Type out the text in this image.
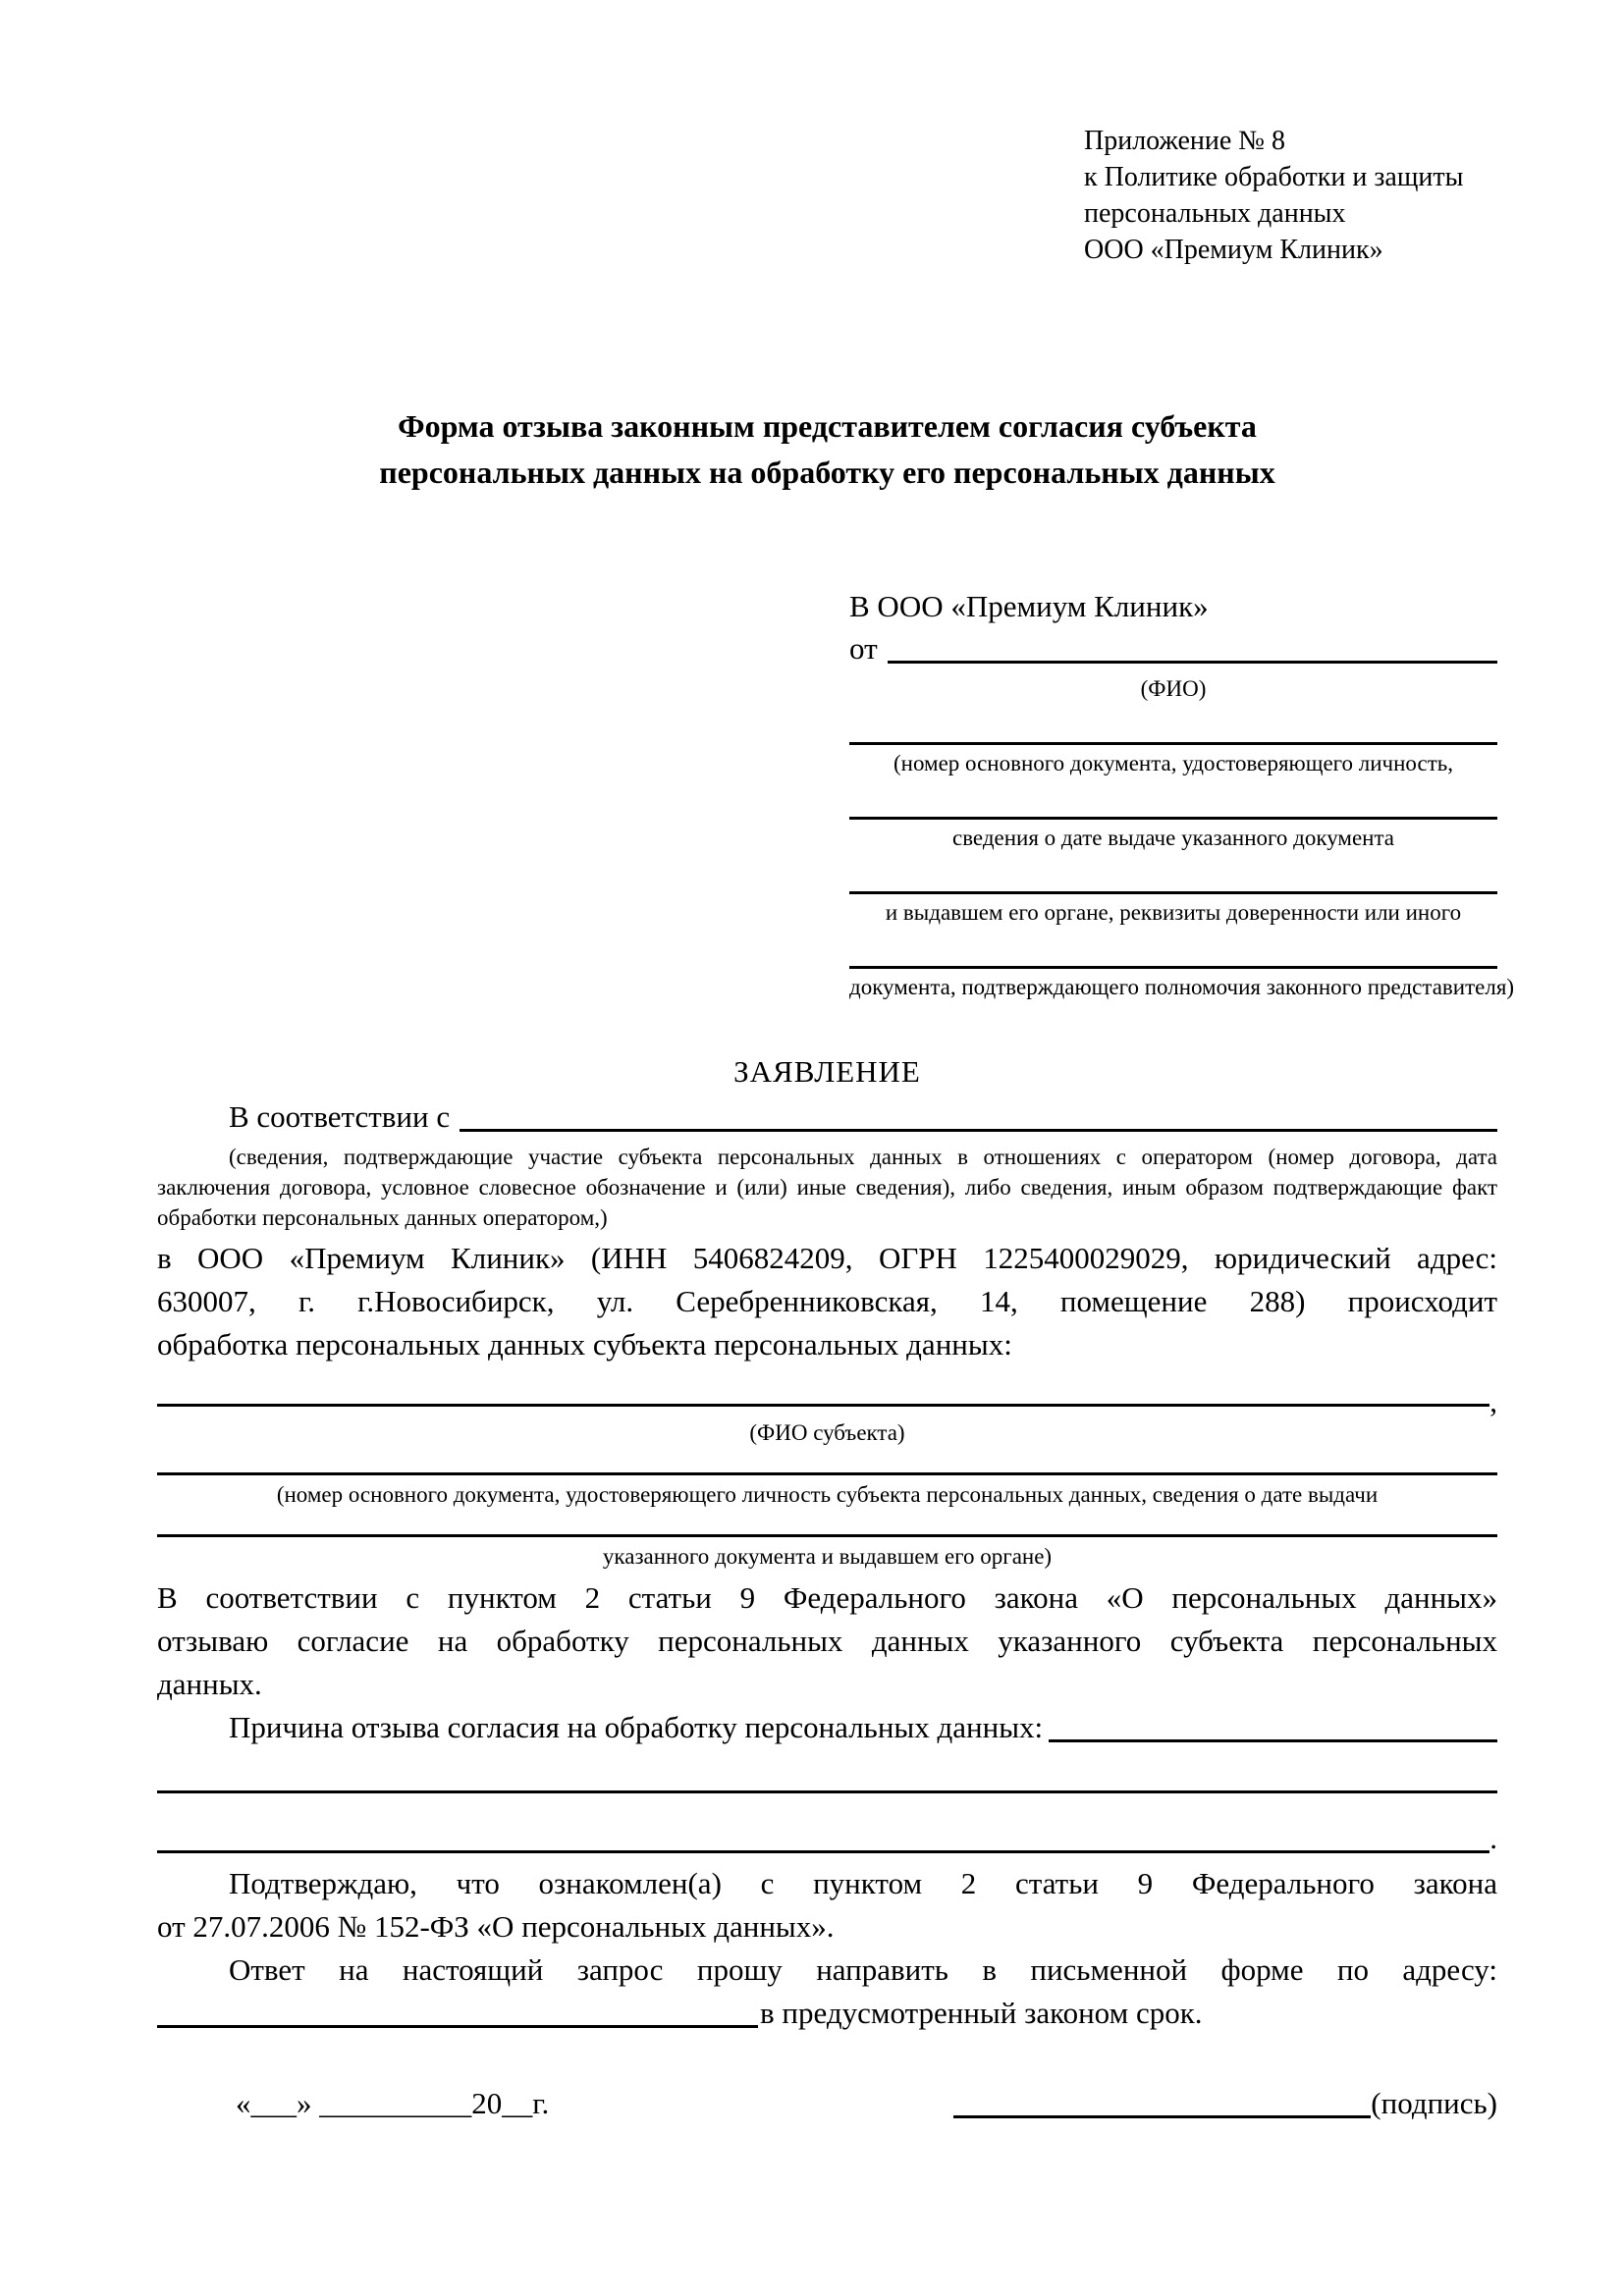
Приложение № 8
к Политике обработки и защиты
персональных данных
ООО «Премиум Клиник»
Форма отзыва законным представителем согласия субъекта
персональных данных на обработку его персональных данных
В ООО «Премиум Клиник»
от
(ФИО)
(номер основного документа, удостоверяющего личность,
сведения о дате выдаче указанного документа
и выдавшем его органе, реквизиты доверенности или иного
документа, подтверждающего полномочия законного представителя)
ЗАЯВЛЕНИЕ
В соответствии с
(сведения, подтверждающие участие субъекта персональных данных в отношениях с оператором (номер договора, дата
заключения договора, условное словесное обозначение и (или) иные сведения), либо сведения, иным образом подтверждающие факт
обработки персональных данных оператором,)
в ООО «Премиум Клиник» (ИНН 5406824209, ОГРН 1225400029029, юридический адрес:
630007, г. г.Новосибирск, ул. Серебренниковская, 14, помещение 288) происходит
обработка персональных данных субъекта персональных данных:
,
(ФИО субъекта)
(номер основного документа, удостоверяющего личность субъекта персональных данных, сведения о дате выдачи
указанного документа и выдавшем его органе)
В соответствии с пунктом 2 статьи 9 Федерального закона «О персональных данных»
отзываю согласие на обработку персональных данных указанного субъекта персональных
данных.
Причина отзыва согласия на обработку персональных данных:
.
Подтверждаю, что ознакомлен(а) с пунктом 2 статьи 9 Федерального закона
от 27.07.2006 № 152-ФЗ «О персональных данных».
Ответ на настоящий запрос прошу направить в письменной форме по адресу:
в предусмотренный законом срок.
«___» __________20__г.	(подпись)
